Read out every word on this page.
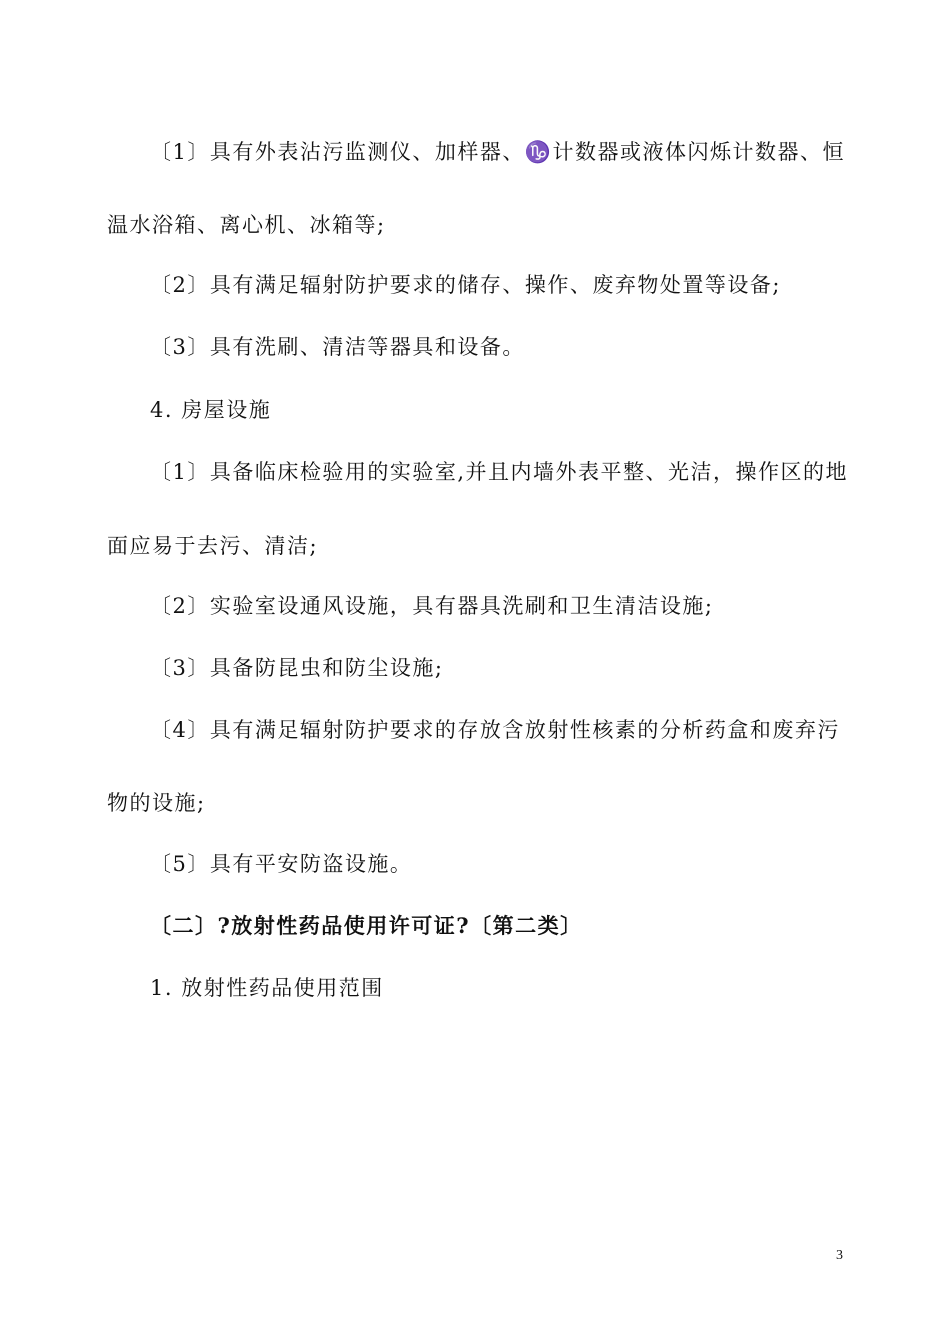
〔1〕具有外表沾污监测仪、加样器、♑计数器或液体闪烁计数器、恒
温水浴箱、离心机、冰箱等;
〔2〕具有满足辐射防护要求的储存、操作、废弃物处置等设备;
〔3〕具有洗刷、清洁等器具和设备。
4. 房屋设施
〔1〕具备临床检验用的实验室,并且内墙外表平整、光洁，操作区的地
面应易于去污、清洁;
〔2〕实验室设通风设施，具有器具洗刷和卫生清洁设施;
〔3〕具备防昆虫和防尘设施;
〔4〕具有满足辐射防护要求的存放含放射性核素的分析药盒和废弃污
物的设施;
〔5〕具有平安防盗设施。
〔二〕?放射性药品使用许可证?〔第二类〕
1. 放射性药品使用范围
3
